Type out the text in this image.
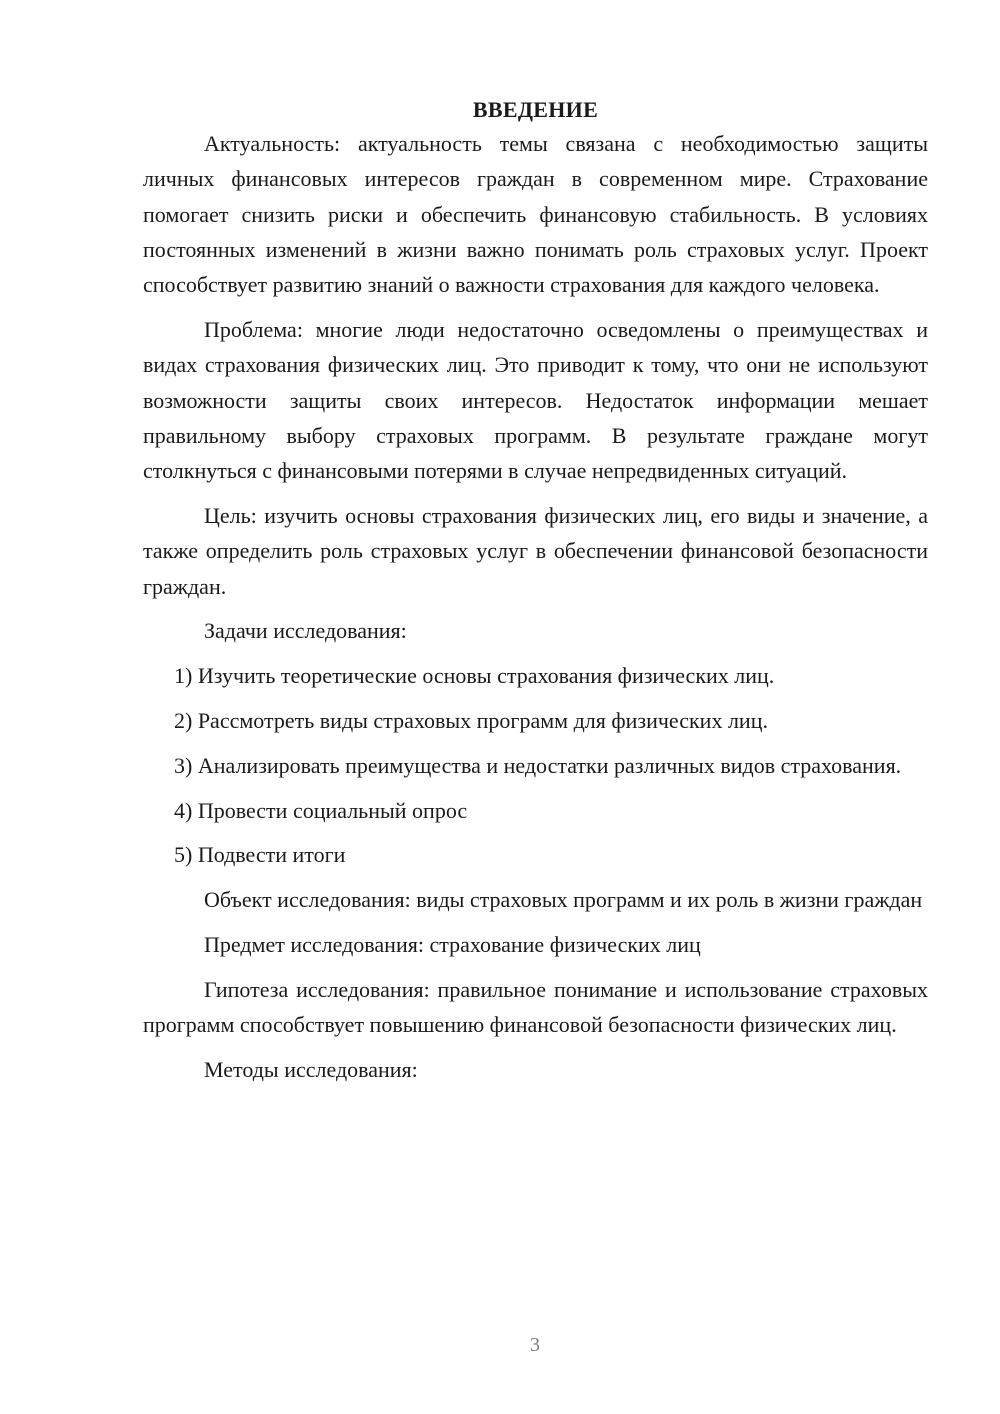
ВВЕДЕНИЕ

Актуальность: актуальность темы связана с необходимостью защиты личных финансовых интересов граждан в современном мире. Страхование помогает снизить риски и обеспечить финансовую стабильность. В условиях постоянных изменений в жизни важно понимать роль страховых услуг. Проект способствует развитию знаний о важности страхования для каждого человека.

Проблема: многие люди недостаточно осведомлены о преимуществах и видах страхования физических лиц. Это приводит к тому, что они не используют возможности защиты своих интересов. Недостаток информации мешает правильному выбору страховых программ. В результате граждане могут столкнуться с финансовыми потерями в случае непредвиденных ситуаций.

Цель: изучить основы страхования физических лиц, его виды и значение, а также определить роль страховых услуг в обеспечении финансовой безопасности граждан.

Задачи исследования:

1) Изучить теоретические основы страхования физических лиц.

2) Рассмотреть виды страховых программ для физических лиц.

3) Анализировать преимущества и недостатки различных видов страхования.

4) Провести социальный опрос

5) Подвести итоги

Объект исследования: виды страховых программ и их роль в жизни граждан

Предмет исследования: страхование физических лиц

Гипотеза исследования: правильное понимание и использование страховых программ способствует повышению финансовой безопасности физических лиц.

Методы исследования:

3
